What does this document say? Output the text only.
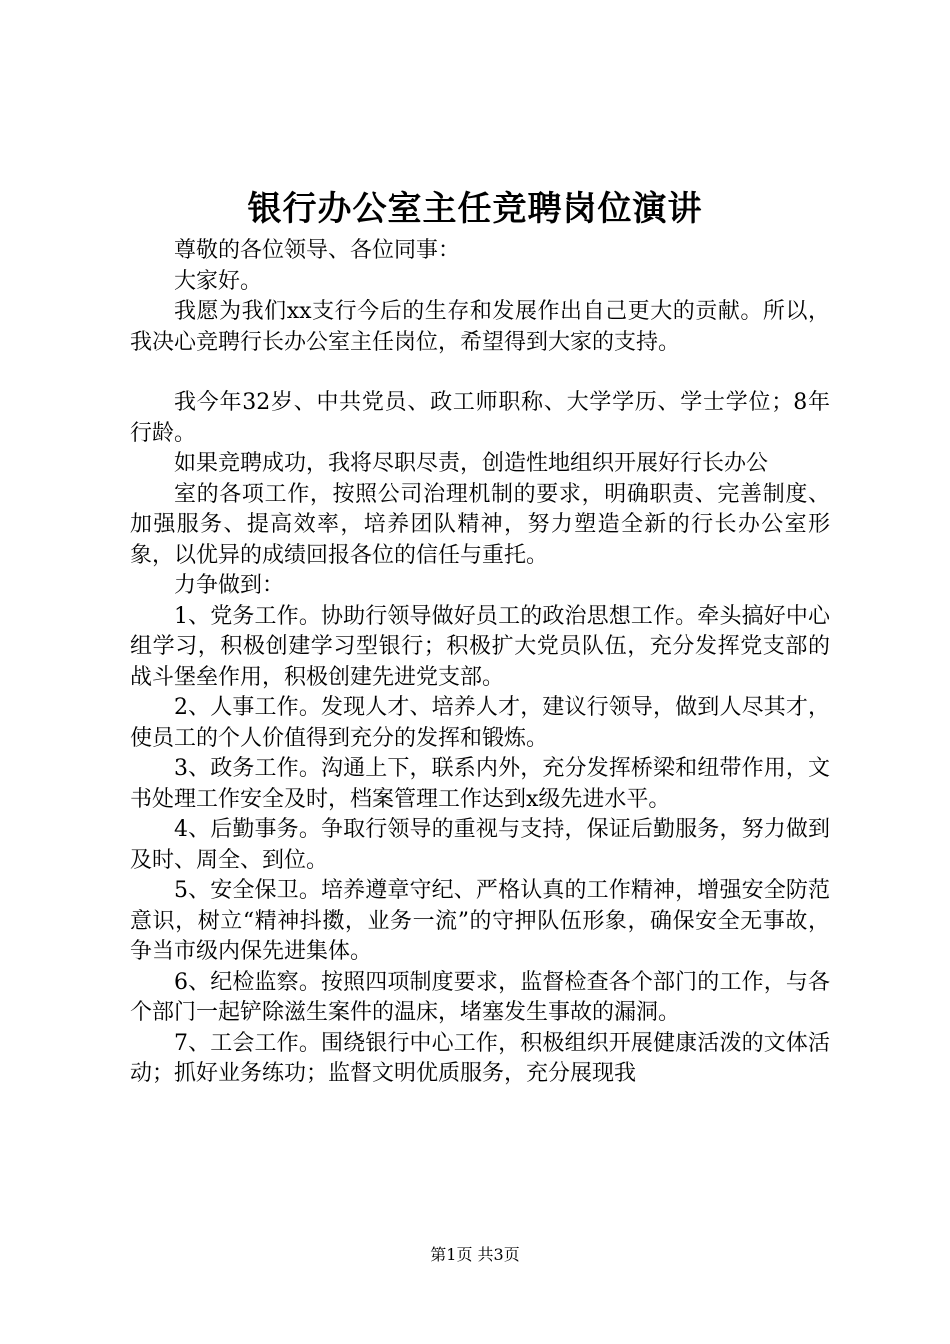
银行办公室主任竞聘岗位演讲

尊敬的各位领导、各位同事：

大家好。

我愿为我们xx支行今后的生存和发展作出自己更大的贡献。所以，我决心竞聘行长办公室主任岗位，希望得到大家的支持。

我今年32岁、中共党员、政工师职称、大学学历、学士学位；8年行龄。

如果竞聘成功，我将尽职尽责，创造性地组织开展好行长办公

室的各项工作，按照公司治理机制的要求，明确职责、完善制度、加强服务、提高效率，培养团队精神，努力塑造全新的行长办公室形象，以优异的成绩回报各位的信任与重托。

力争做到：

1、党务工作。协助行领导做好员工的政治思想工作。牵头搞好中心组学习，积极创建学习型银行；积极扩大党员队伍，充分发挥党支部的战斗堡垒作用，积极创建先进党支部。

2、人事工作。发现人才、培养人才，建议行领导，做到人尽其才，使员工的个人价值得到充分的发挥和锻炼。

3、政务工作。沟通上下，联系内外，充分发挥桥梁和纽带作用，文书处理工作安全及时，档案管理工作达到x级先进水平。

4、后勤事务。争取行领导的重视与支持，保证后勤服务，努力做到及时、周全、到位。

5、安全保卫。培养遵章守纪、严格认真的工作精神，增强安全防范意识，树立“精神抖擞，业务一流”的守押队伍形象，确保安全无事故，争当市级内保先进集体。

6、纪检监察。按照四项制度要求，监督检查各个部门的工作，与各个部门一起铲除滋生案件的温床，堵塞发生事故的漏洞。

7、工会工作。围绕银行中心工作，积极组织开展健康活泼的文体活动；抓好业务练功；监督文明优质服务，充分展现我

第1页 共3页
